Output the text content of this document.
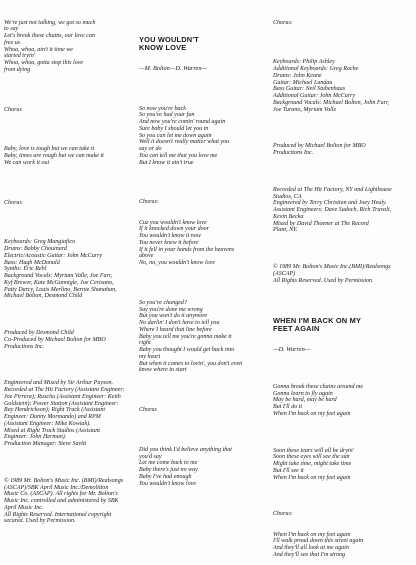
We're just not talking, we got so much
to say
Let's break these chains, our love can
free us
Whoa, whoa, ain't it time we
started tryin'
Whoa, whoa, gotta stop this love
from dying

Chorus

Baby, love is tough but we can take it
Baby, times are rough but we can make it
We can work it out

Chorus

Keyboards: Greg Mangiafico
Drums: Bobby Chouinard
Electric/Acoustic Guitar: John McCurry
Bass: Hugh McDonald
Synths: Eric Rehl
Background Vocals: Myriam Valle, Joe Farr,
Kyf Brewer, Kate McGunnigle, Joe Cerisano,
Patty Darcy, Louis Merlino, Bernie Shanahan,
Michael Bolton, Desmond Child

Produced by Desmond Child
Co-Produced by Michael Bolton for MBO
Productions Inc.

Engineered and Mixed by Sir Arthur Payson.
Recorded at The Hit Factory (Assistant Engineer:
Joe Pirrera); Ruscha (Assistant Engineer: Keith
Goldstein); Power Station (Assistant Engineer:
Ray Hendrickson); Right Track (Assistant
Engineer: Danny Mormando) and RPM
(Assistant Engineer: Mike Kowiak).
Mixed at Right Track Studios (Assistant
Engineer: John Herman).
Production Manager: Steve Savitt

© 1989 Mr. Bolton's Music Inc. (BMI)/Realsongs
(ASCAP)/SBK April Music Inc./Demolition
Music Co. (ASCAP). All rights for Mr. Bolton's
Music Inc. controlled and administered by SBK
April Music Inc.
All Rights Reserved. International copyright
secured. Used by Permission.

YOU WOULDN'T
KNOW LOVE

—M. Bolton—D. Warren—

So now you're back
So you've had your fun
And now you're comin' round again
Sure baby I should let you in
So you can let me down again
Well it doesn't really matter what you
say or do
You can tell me that you love me
But I know it ain't true

Chorus:

Cuz you wouldn't know love
If it knocked down your door
You wouldn't know it now
You never knew it before
If it fell in your hands from the heavens
above
No, no, you wouldn't know love

So you've changed?
Say you're done me wrong
But you won't do it anymore
No darlin' I don't have to tell you
Where I heard that line before
Baby you tell me you're gonna make it
right
Baby you thought I would get back into
my heart
But when it comes to lovin', you don't even
know where to start

Chorus

Did you think I'd believe anything that
you'd say
Let me come back to me
Baby there's just no way
Baby I've had enough
You wouldn't know love

Chorus:

Keyboards: Philip Ashley
Additional Keyboards: Greg Roche
Drums: John Keane
Guitar: Michael Landau
Bass Guitar: Neil Stubenhaus
Additional Guitar: John McCurry
Background Vocals: Michael Bolton, John Farr,
Joe Turano, Myriam Valle

Produced by Michael Bolton for MBO
Productions Inc.

Recorded at The Hit Factory, NY and Lighthouse
Studios, CA
Engineered by Terry Christian and Joey Healy.
Assistant Engineers: Dave Sadoch, Rich Travali,
Kevin Becka
Mixed by David Thoener at The Record
Plant, NY.

© 1989 Mr. Bolton's Music Inc.(BMI)/Realsongs
(ASCAP)
All Rights Reserved. Used by Permission.

WHEN I'M BACK ON MY
FEET AGAIN

—D. Warren—

Gonna break these chains around me
Gonna learn to fly again
May be hard, may be hard
But I'll do it
When I'm back on my feet again

Soon these tears will all be dryin'
Soon these eyes will see the sun
Might take time, might take time
But I'll see it
When I'm back on my feet again

Chorus:

When I'm back on my feet again
I'll walk proud down this street again
And they'll all look at me again
And they'll see that I'm strong
